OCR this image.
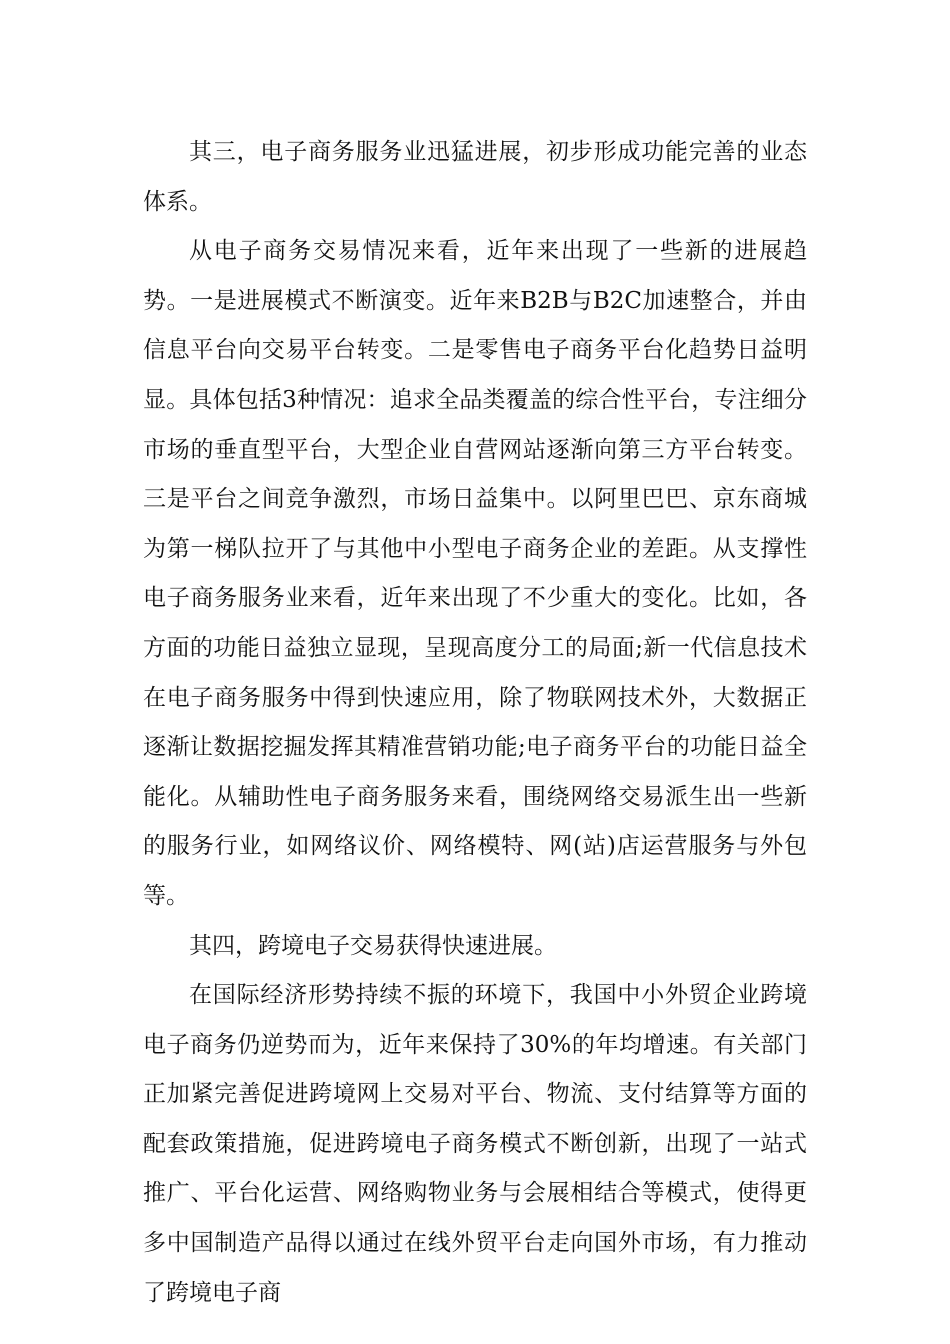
其三，电子商务服务业迅猛进展，初步形成功能完善的业态体系。

从电子商务交易情况来看，近年来出现了一些新的进展趋势。一是进展模式不断演变。近年来B2B与B2C加速整合，并由信息平台向交易平台转变。二是零售电子商务平台化趋势日益明显。具体包括3种情况：追求全品类覆盖的综合性平台，专注细分市场的垂直型平台，大型企业自营网站逐渐向第三方平台转变。三是平台之间竞争激烈，市场日益集中。以阿里巴巴、京东商城为第一梯队拉开了与其他中小型电子商务企业的差距。从支撑性电子商务服务业来看，近年来出现了不少重大的变化。比如，各方面的功能日益独立显现，呈现高度分工的局面;新一代信息技术在电子商务服务中得到快速应用，除了物联网技术外，大数据正逐渐让数据挖掘发挥其精准营销功能;电子商务平台的功能日益全能化。从辅助性电子商务服务来看，围绕网络交易派生出一些新的服务行业，如网络议价、网络模特、网(站)店运营服务与外包等。

其四，跨境电子交易获得快速进展。

在国际经济形势持续不振的环境下，我国中小外贸企业跨境电子商务仍逆势而为，近年来保持了30%的年均增速。有关部门正加紧完善促进跨境网上交易对平台、物流、支付结算等方面的配套政策措施，促进跨境电子商务模式不断创新，出现了一站式推广、平台化运营、网络购物业务与会展相结合等模式，使得更多中国制造产品得以通过在线外贸平台走向国外市场，有力推动了跨境电子商
